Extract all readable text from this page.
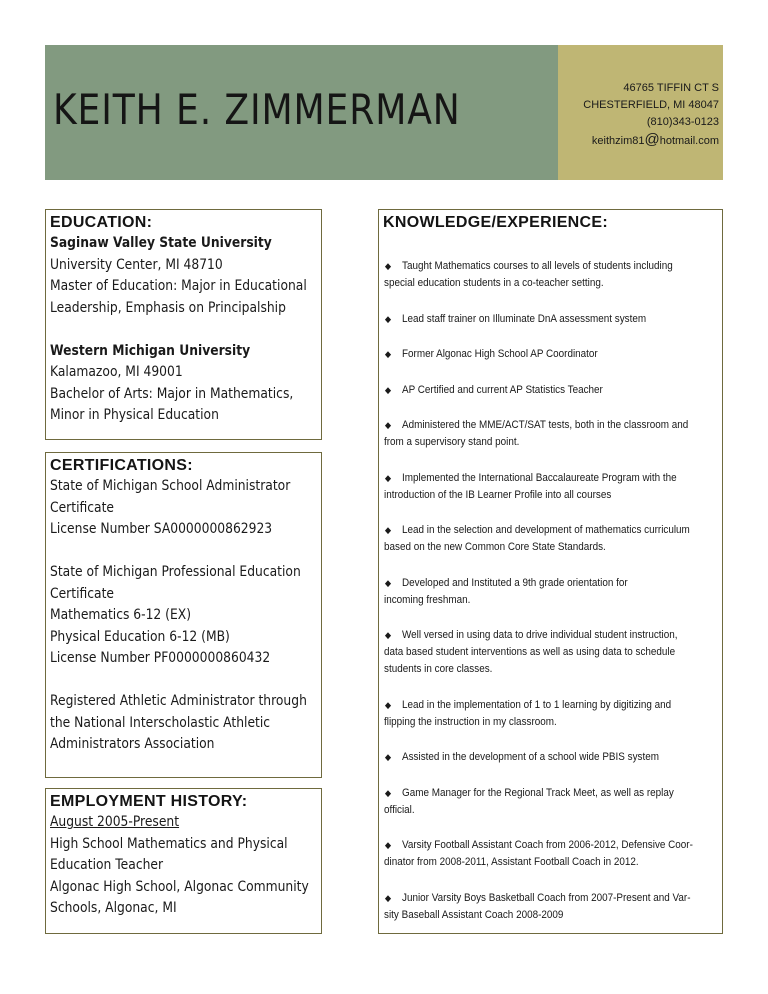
KEITH E. ZIMMERMAN	46765 TIFFIN CT S
CHESTERFIELD, MI 48047
(810)343-0123
keithzim81@hotmail.com
EDUCATION:
Saginaw Valley State University
University Center, MI 48710
Master of Education: Major in Educational
Leadership, Emphasis on Principalship
Western Michigan University
Kalamazoo, MI 49001
Bachelor of Arts: Major in Mathematics,
Minor in Physical Education
CERTIFICATIONS:
State of Michigan School Administrator
Certificate
License Number SA0000000862923
State of Michigan Professional Education
Certificate
Mathematics 6-12 (EX)
Physical Education 6-12 (MB)
License Number PF0000000860432
Registered Athletic Administrator through
the National Interscholastic Athletic
Administrators Association
EMPLOYMENT HISTORY:
August 2005-Present
High School Mathematics and Physical
Education Teacher
Algonac High School, Algonac Community
Schools, Algonac, MI
KNOWLEDGE/EXPERIENCE:
◆ Taught Mathematics courses to all levels of students including
special education students in a co-teacher setting.
◆ Lead staff trainer on Illuminate DnA assessment system
◆ Former Algonac High School AP Coordinator
◆ AP Certified and current AP Statistics Teacher
◆ Administered the MME/ACT/SAT tests, both in the classroom and
from a supervisory stand point.
◆ Implemented the International Baccalaureate Program with the
introduction of the IB Learner Profile into all courses
◆ Lead in the selection and development of mathematics curriculum
based on the new Common Core State Standards.
◆ Developed and Instituted a 9th grade orientation for
incoming freshman.
◆ Well versed in using data to drive individual student instruction,
data based student interventions as well as using data to schedule
students in core classes.
◆ Lead in the implementation of 1 to 1 learning by digitizing and
flipping the instruction in my classroom.
◆ Assisted in the development of a school wide PBIS system
◆ Game Manager for the Regional Track Meet, as well as replay
official.
◆ Varsity Football Assistant Coach from 2006-2012, Defensive Coor-
dinator from 2008-2011, Assistant Football Coach in 2012.
◆ Junior Varsity Boys Basketball Coach from 2007-Present and Var-
sity Baseball Assistant Coach 2008-2009
